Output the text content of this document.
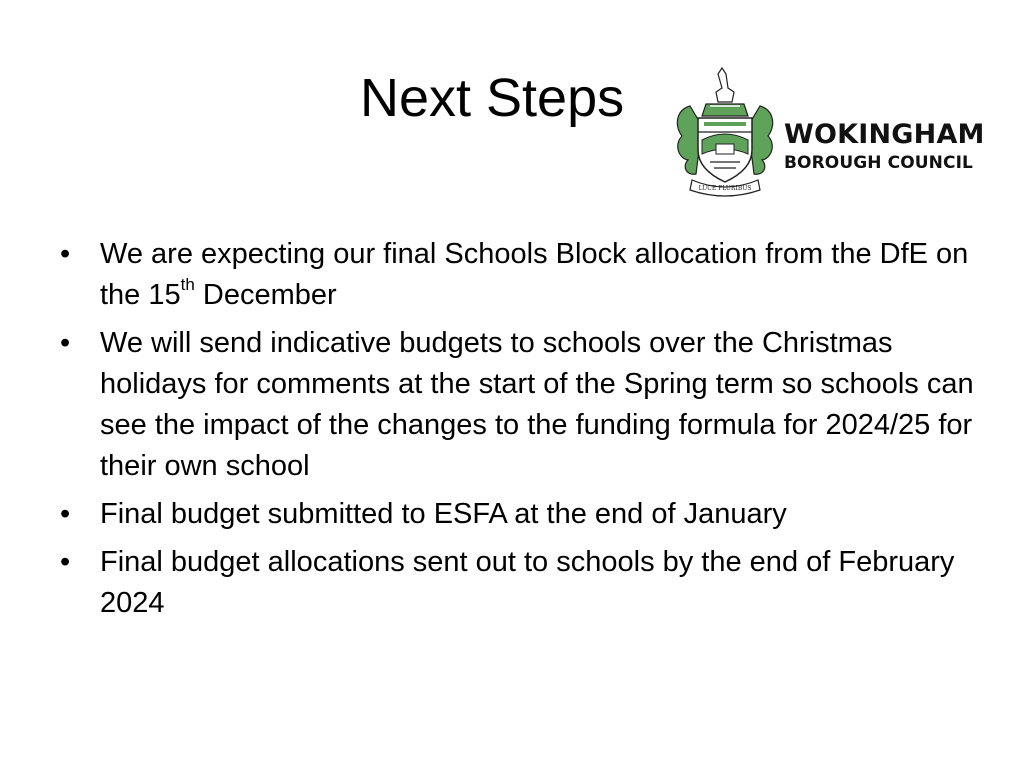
Next Steps
LUCE PLURIBUS
WOKINGHAM
BOROUGH COUNCIL
• We are expecting our final Schools Block allocation from the DfE on the 15th December
• We will send indicative budgets to schools over the Christmas holidays for comments at the start of the Spring term so schools can see the impact of the changes to the funding formula for 2024/25 for their own school
• Final budget submitted to ESFA at the end of January
• Final budget allocations sent out to schools by the end of February 2024
